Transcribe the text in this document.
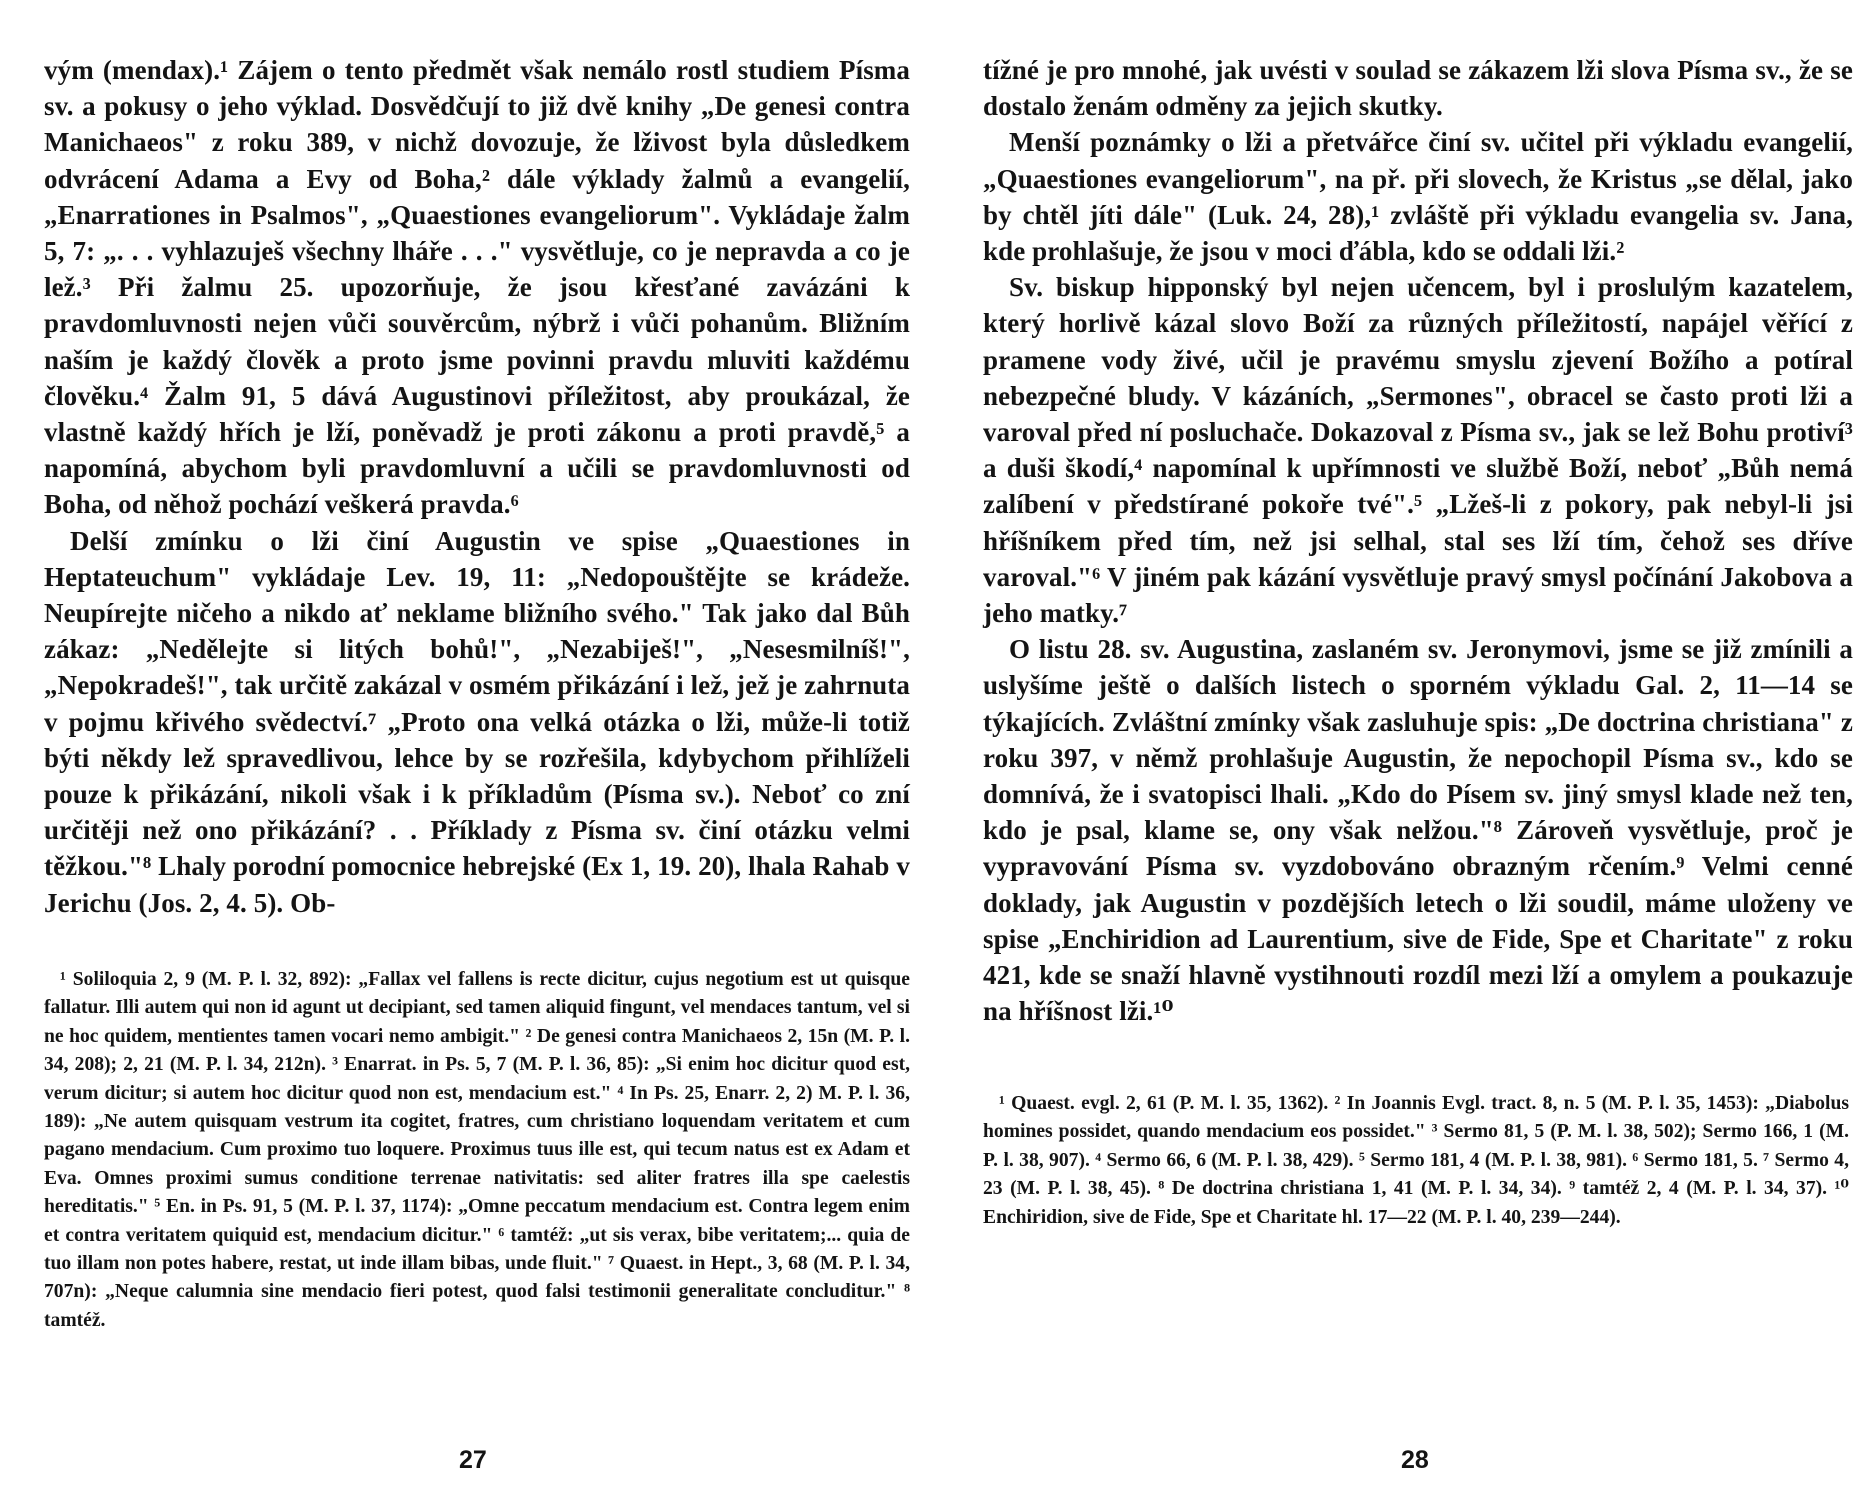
vým (mendax).¹ Zájem o tento předmět však nemálo rostl studiem Písma sv. a pokusy o jeho výklad. Dosvědčují to již dvě knihy „De genesi contra Manichaeos" z roku 389, v nichž dovozuje, že lživost byla důsledkem odvrácení Adama a Evy od Boha,² dále výklady žalmů a evangelií, „Enarrationes in Psalmos", „Quaestiones evangeliorum". Vykládaje žalm 5, 7: „. . . vyhlazuješ všechny lháře . . ." vysvětluje, co je nepravda a co je lež.³ Při žalmu 25. upozorňuje, že jsou křesťané zavázáni k pravdomluvnosti nejen vůči souvěrcům, nýbrž i vůči pohanům. Bližním naším je každý člověk a proto jsme povinni pravdu mluviti každému člověku.⁴ Žalm 91, 5 dává Augustinovi příležitost, aby proukázal, že vlastně každý hřích je lží, poněvadž je proti zákonu a proti pravdě,⁵ a napomíná, abychom byli pravdomluvní a učili se pravdomluvnosti od Boha, od něhož pochází veškerá pravda.⁶

Delší zmínku o lži činí Augustin ve spise „Quaestiones in Heptateuchum" vykládaje Lev. 19, 11: „Nedopouštějte se krádeže. Neupírejte ničeho a nikdo ať neklame bližního svého." Tak jako dal Bůh zákaz: „Nedělejte si litých bohů!", „Nezabiješ!", „Nesesmilníš!", „Nepokradeš!", tak určitě zakázal v osmém přikázání i lež, jež je zahrnuta v pojmu křivého svědectví.⁷ „Proto ona velká otázka o lži, může-li totiž býti někdy lež spravedlivou, lehce by se rozřešila, kdybychom přihlíželi pouze k přikázání, nikoli však i k příkladům (Písma sv.). Neboť co zní určitěji než ono přikázání? . . Příklady z Písma sv. činí otázku velmi těžkou."⁸ Lhaly porodní pomocnice hebrejské (Ex 1, 19. 20), lhala Rahab v Jerichu (Jos. 2, 4. 5). Ob-

¹ Soliloquia 2, 9 (M. P. l. 32, 892): „Fallax vel fallens is recte dicitur, cujus negotium est ut quisque fallatur. Illi autem qui non id agunt ut decipiant, sed tamen aliquid fingunt, vel mendaces tantum, vel si ne hoc quidem, mentientes tamen vocari nemo ambigit." ² De genesi contra Manichaeos 2, 15n (M. P. l. 34, 208); 2, 21 (M. P. l. 34, 212n). ³ Enarrat. in Ps. 5, 7 (M. P. l. 36, 85): „Si enim hoc dicitur quod est, verum dicitur; si autem hoc dicitur quod non est, mendacium est." ⁴ In Ps. 25, Enarr. 2, 2) M. P. l. 36, 189): „Ne autem quisquam vestrum ita cogitet, fratres, cum christiano loquendam veritatem et cum pagano mendacium. Cum proximo tuo loquere. Proximus tuus ille est, qui tecum natus est ex Adam et Eva. Omnes proximi sumus conditione terrenae nativitatis: sed aliter fratres illa spe caelestis hereditatis." ⁵ En. in Ps. 91, 5 (M. P. l. 37, 1174): „Omne peccatum mendacium est. Contra legem enim et contra veritatem quiquid est, mendacium dicitur." ⁶ tamtéž: „ut sis verax, bibe veritatem;... quia de tuo illam non potes habere, restat, ut inde illam bibas, unde fluit." ⁷ Quaest. in Hept., 3, 68 (M. P. l. 34, 707n): „Neque calumnia sine mendacio fieri potest, quod falsi testimonii generalitate concluditur." ⁸ tamtéž.

27

tížné je pro mnohé, jak uvésti v soulad se zákazem lži slova Písma sv., že se dostalo ženám odměny za jejich skutky.

Menší poznámky o lži a přetvářce činí sv. učitel při výkladu evangelií, „Quaestiones evangeliorum", na př. při slovech, že Kristus „se dělal, jako by chtěl jíti dále" (Luk. 24, 28),¹ zvláště při výkladu evangelia sv. Jana, kde prohlašuje, že jsou v moci ďábla, kdo se oddali lži.²

Sv. biskup hipponský byl nejen učencem, byl i proslulým kazatelem, který horlivě kázal slovo Boží za různých příležitostí, napájel věřící z pramene vody živé, učil je pravému smyslu zjevení Božího a potíral nebezpečné bludy. V kázáních, „Sermones", obracel se často proti lži a varoval před ní posluchače. Dokazoval z Písma sv., jak se lež Bohu protiví³ a duši škodí,⁴ napomínal k upřímnosti ve službě Boží, neboť „Bůh nemá zalíbení v předstírané pokoře tvé".⁵ „Lžeš-li z pokory, pak nebyl-li jsi hříšníkem před tím, než jsi selhal, stal ses lží tím, čehož ses dříve varoval."⁶ V jiném pak kázání vysvětluje pravý smysl počínání Jakobova a jeho matky.⁷

O listu 28. sv. Augustina, zaslaném sv. Jeronymovi, jsme se již zmínili a uslyšíme ještě o dalších listech o sporném výkladu Gal. 2, 11—14 se týkajících. Zvláštní zmínky však zasluhuje spis: „De doctrina christiana" z roku 397, v němž prohlašuje Augustin, že nepochopil Písma sv., kdo se domnívá, že i svatopisci lhali. „Kdo do Písem sv. jiný smysl klade než ten, kdo je psal, klame se, ony však nelžou."⁸ Zároveň vysvětluje, proč je vypravování Písma sv. vyzdobováno obrazným rčením.⁹ Velmi cenné doklady, jak Augustin v pozdějších letech o lži soudil, máme uloženy ve spise „Enchiridion ad Laurentium, sive de Fide, Spe et Charitate" z roku 421, kde se snaží hlavně vystihnouti rozdíl mezi lží a omylem a poukazuje na hříšnost lži.¹⁰

¹ Quaest. evgl. 2, 61 (P. M. l. 35, 1362). ² In Joannis Evgl. tract. 8, n. 5 (M. P. l. 35, 1453): „Diabolus homines possidet, quando mendacium eos possidet." ³ Sermo 81, 5 (P. M. l. 38, 502); Sermo 166, 1 (M. P. l. 38, 907). ⁴ Sermo 66, 6 (M. P. l. 38, 429). ⁵ Sermo 181, 4 (M. P. l. 38, 981). ⁶ Sermo 181, 5. ⁷ Sermo 4, 23 (M. P. l. 38, 45). ⁸ De doctrina christiana 1, 41 (M. P. l. 34, 34). ⁹ tamtéž 2, 4 (M. P. l. 34, 37). ¹⁰ Enchiridion, sive de Fide, Spe et Charitate hl. 17—22 (M. P. l. 40, 239—244).

28
